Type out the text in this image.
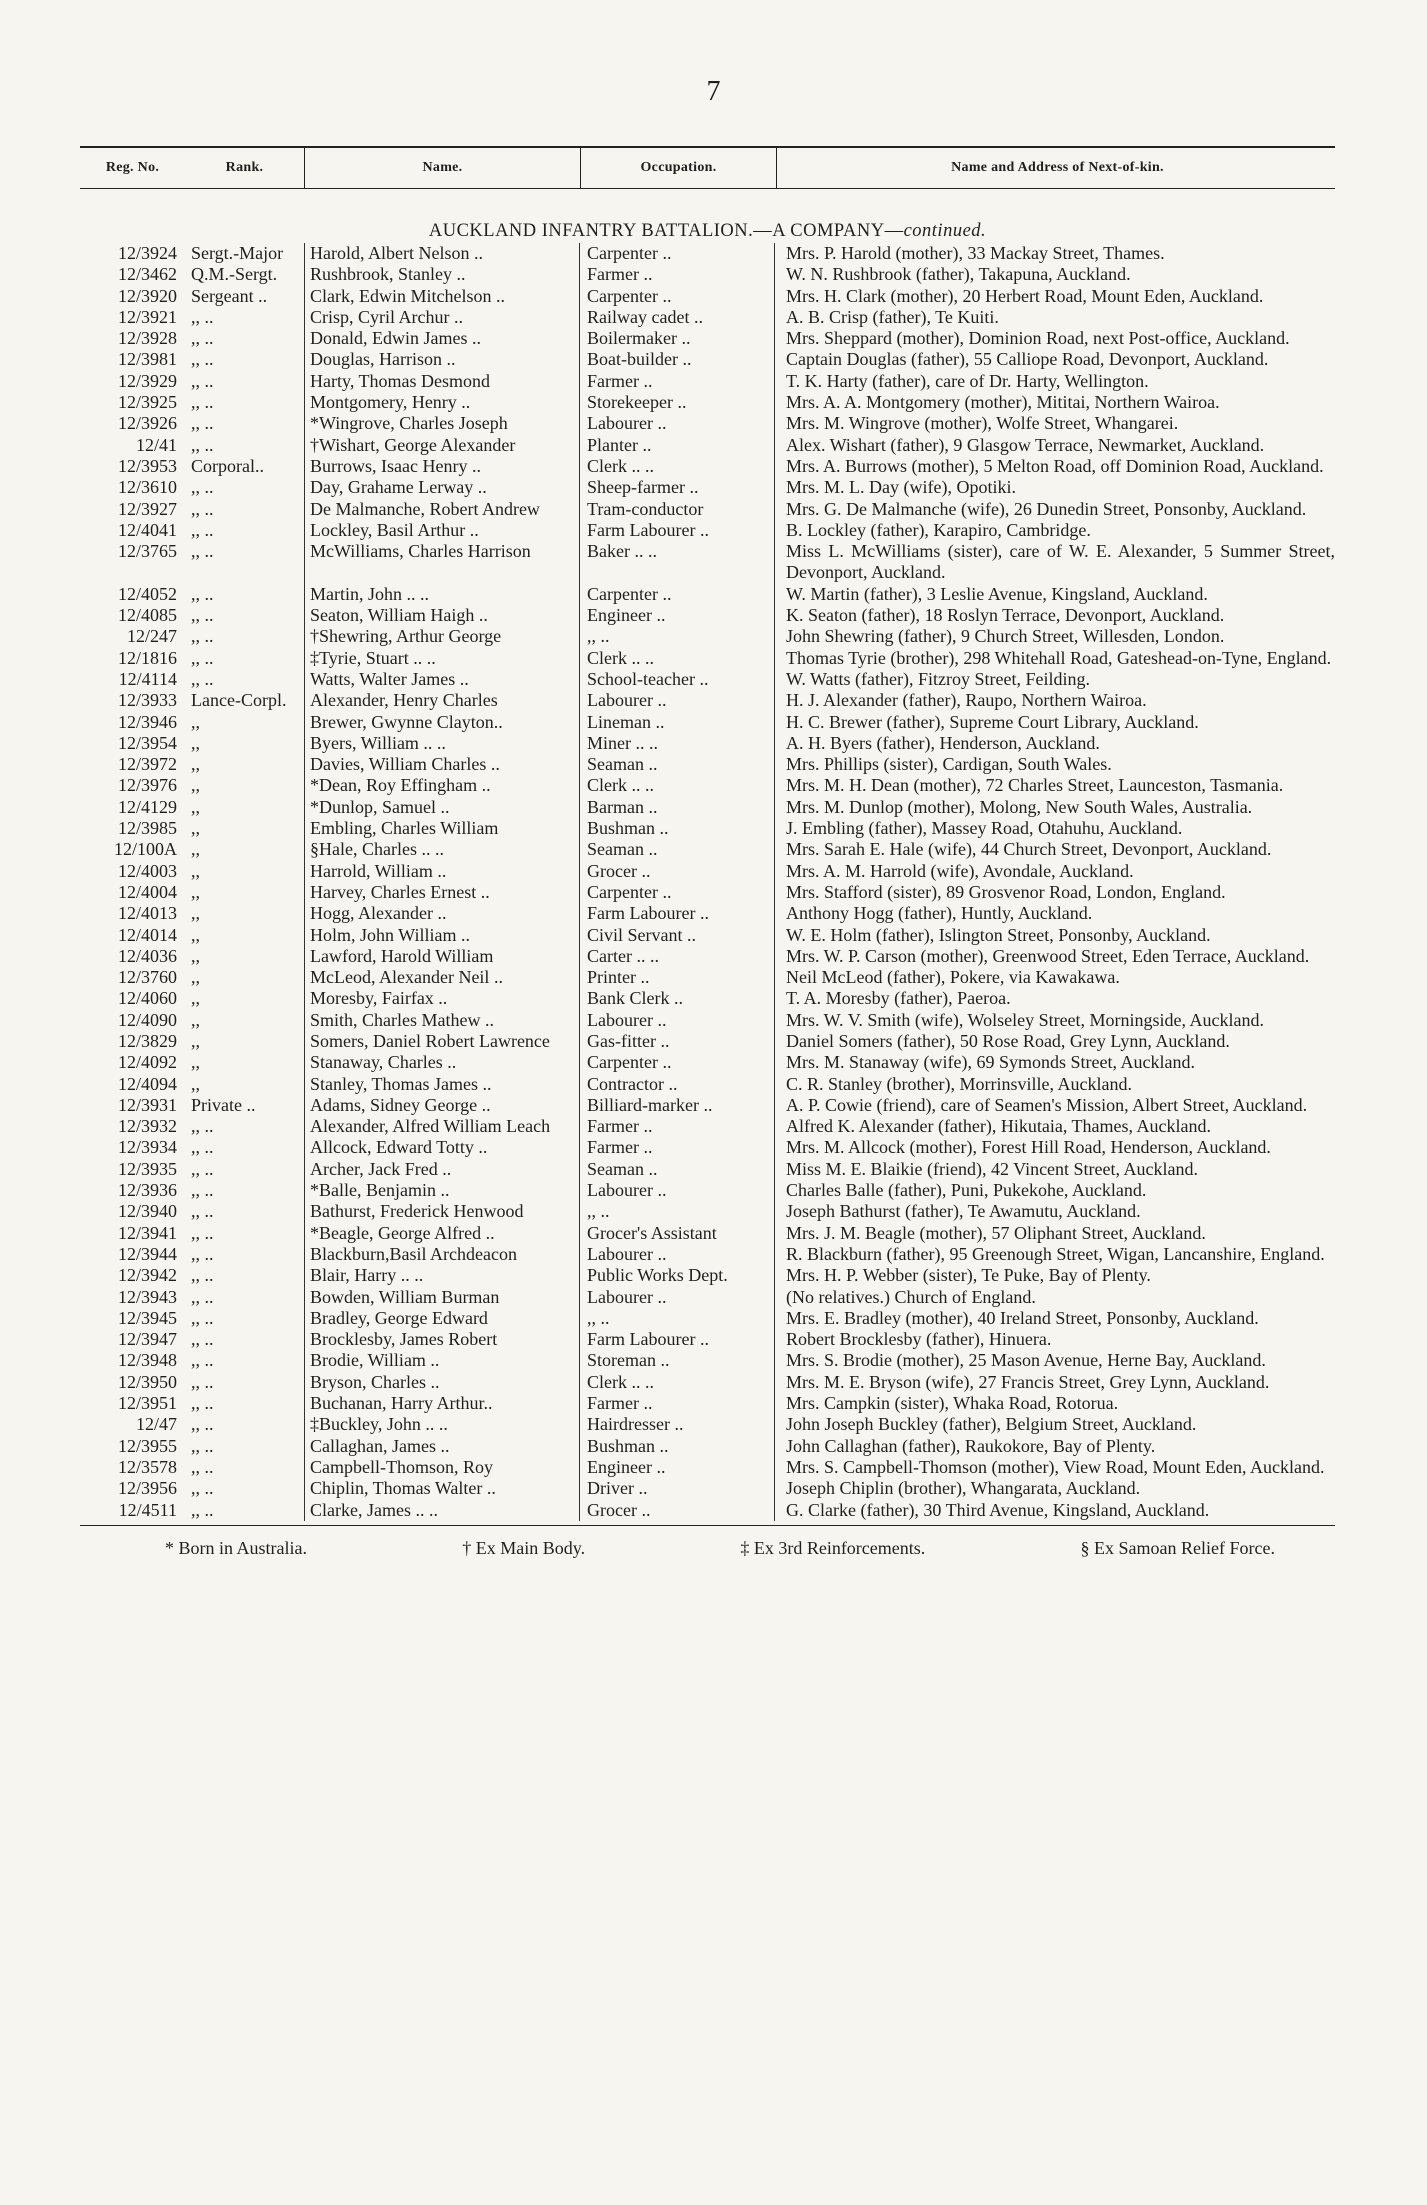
7
Reg. No.	Rank.	Name.	Occupation.	Name and Address of Next-of-kin.
AUCKLAND INFANTRY BATTALION.—A COMPANY—continued.
12/3924 Sergt.-Major	Harold, Albert Nelson ..	Carpenter ..	Mrs. P. Harold (mother), 33 Mackay Street, Thames.
12/3462 Q.M.-Sergt.	Rushbrook, Stanley ..	Farmer ..	W. N. Rushbrook (father), Takapuna, Auckland.
12/3920 Sergeant ..	Clark, Edwin Mitchelson ..	Carpenter ..	Mrs. H. Clark (mother), 20 Herbert Road, Mount Eden, Auckland.
12/3921 ,, ..	Crisp, Cyril Archur ..	Railway cadet ..	A. B. Crisp (father), Te Kuiti.
12/3928 ,, ..	Donald, Edwin James ..	Boilermaker ..	Mrs. Sheppard (mother), Dominion Road, next Post-office, Auckland.
12/3981 ,, ..	Douglas, Harrison ..	Boat-builder ..	Captain Douglas (father), 55 Calliope Road, Devonport, Auckland.
12/3929 ,, ..	Harty, Thomas Desmond	Farmer ..	T. K. Harty (father), care of Dr. Harty, Wellington.
12/3925 ,, ..	Montgomery, Henry ..	Storekeeper ..	Mrs. A. A. Montgomery (mother), Mititai, Northern Wairoa.
12/3926 ,, ..	*Wingrove, Charles Joseph	Labourer ..	Mrs. M. Wingrove (mother), Wolfe Street, Whangarei.
12/41 ,, ..	†Wishart, George Alexander	Planter ..	Alex. Wishart (father), 9 Glasgow Terrace, Newmarket, Auckland.
12/3953 Corporal..	Burrows, Isaac Henry ..	Clerk .. ..	Mrs. A. Burrows (mother), 5 Melton Road, off Dominion Road, Auckland.
12/3610 ,, ..	Day, Grahame Lerway ..	Sheep-farmer ..	Mrs. M. L. Day (wife), Opotiki.
12/3927 ,, ..	De Malmanche, Robert Andrew	Tram-conductor	Mrs. G. De Malmanche (wife), 26 Dunedin Street, Ponsonby, Auckland.
12/4041 ,, ..	Lockley, Basil Arthur ..	Farm Labourer ..	B. Lockley (father), Karapiro, Cambridge.
12/3765 ,, ..	McWilliams, Charles Harrison	Baker .. ..	Miss L. McWilliams (sister), care of W. E. Alexander, 5 Summer Street, Devonport, Auckland.
12/4052 ,, ..	Martin, John .. ..	Carpenter ..	W. Martin (father), 3 Leslie Avenue, Kingsland, Auckland.
12/4085 ,, ..	Seaton, William Haigh ..	Engineer ..	K. Seaton (father), 18 Roslyn Terrace, Devonport, Auckland.
12/247 ,, ..	†Shewring, Arthur George	,, ..	John Shewring (father), 9 Church Street, Willesden, London.
12/1816 ,, ..	‡Tyrie, Stuart .. ..	Clerk .. ..	Thomas Tyrie (brother), 298 Whitehall Road, Gateshead-on-Tyne, England.
12/4114 ,, ..	Watts, Walter James ..	School-teacher ..	W. Watts (father), Fitzroy Street, Feilding.
12/3933 Lance-Corpl.	Alexander, Henry Charles	Labourer ..	H. J. Alexander (father), Raupo, Northern Wairoa.
12/3946 ,,	Brewer, Gwynne Clayton..	Lineman ..	H. C. Brewer (father), Supreme Court Library, Auckland.
12/3954 ,,	Byers, William .. ..	Miner .. ..	A. H. Byers (father), Henderson, Auckland.
12/3972 ,,	Davies, William Charles ..	Seaman ..	Mrs. Phillips (sister), Cardigan, South Wales.
12/3976 ,,	*Dean, Roy Effingham ..	Clerk .. ..	Mrs. M. H. Dean (mother), 72 Charles Street, Launceston, Tasmania.
12/4129 ,,	*Dunlop, Samuel ..	Barman ..	Mrs. M. Dunlop (mother), Molong, New South Wales, Australia.
12/3985 ,,	Embling, Charles William	Bushman ..	J. Embling (father), Massey Road, Otahuhu, Auckland.
12/100A ,,	§Hale, Charles .. ..	Seaman ..	Mrs. Sarah E. Hale (wife), 44 Church Street, Devonport, Auckland.
12/4003 ,,	Harrold, William ..	Grocer ..	Mrs. A. M. Harrold (wife), Avondale, Auckland.
12/4004 ,,	Harvey, Charles Ernest ..	Carpenter ..	Mrs. Stafford (sister), 89 Grosvenor Road, London, England.
12/4013 ,,	Hogg, Alexander ..	Farm Labourer ..	Anthony Hogg (father), Huntly, Auckland.
12/4014 ,,	Holm, John William ..	Civil Servant ..	W. E. Holm (father), Islington Street, Ponsonby, Auckland.
12/4036 ,,	Lawford, Harold William	Carter .. ..	Mrs. W. P. Carson (mother), Greenwood Street, Eden Terrace, Auckland.
12/3760 ,,	McLeod, Alexander Neil ..	Printer ..	Neil McLeod (father), Pokere, via Kawakawa.
12/4060 ,,	Moresby, Fairfax ..	Bank Clerk ..	T. A. Moresby (father), Paeroa.
12/4090 ,,	Smith, Charles Mathew ..	Labourer ..	Mrs. W. V. Smith (wife), Wolseley Street, Morningside, Auckland.
12/3829 ,,	Somers, Daniel Robert Lawrence	Gas-fitter ..	Daniel Somers (father), 50 Rose Road, Grey Lynn, Auckland.
12/4092 ,,	Stanaway, Charles ..	Carpenter ..	Mrs. M. Stanaway (wife), 69 Symonds Street, Auckland.
12/4094 ,,	Stanley, Thomas James ..	Contractor ..	C. R. Stanley (brother), Morrinsville, Auckland.
12/3931 Private ..	Adams, Sidney George ..	Billiard-marker ..	A. P. Cowie (friend), care of Seamen's Mission, Albert Street, Auckland.
12/3932 ,, ..	Alexander, Alfred William Leach	Farmer ..	Alfred K. Alexander (father), Hikutaia, Thames, Auckland.
12/3934 ,, ..	Allcock, Edward Totty ..	Farmer ..	Mrs. M. Allcock (mother), Forest Hill Road, Henderson, Auckland.
12/3935 ,, ..	Archer, Jack Fred ..	Seaman ..	Miss M. E. Blaikie (friend), 42 Vincent Street, Auckland.
12/3936 ,, ..	*Balle, Benjamin ..	Labourer ..	Charles Balle (father), Puni, Pukekohe, Auckland.
12/3940 ,, ..	Bathurst, Frederick Henwood	,, ..	Joseph Bathurst (father), Te Awamutu, Auckland.
12/3941 ,, ..	*Beagle, George Alfred ..	Grocer's Assistant	Mrs. J. M. Beagle (mother), 57 Oliphant Street, Auckland.
12/3944 ,, ..	Blackburn,Basil Archdeacon	Labourer ..	R. Blackburn (father), 95 Greenough Street, Wigan, Lancanshire, England.
12/3942 ,, ..	Blair, Harry .. ..	Public Works Dept.	Mrs. H. P. Webber (sister), Te Puke, Bay of Plenty.
12/3943 ,, ..	Bowden, William Burman	Labourer ..	(No relatives.) Church of England.
12/3945 ,, ..	Bradley, George Edward	,, ..	Mrs. E. Bradley (mother), 40 Ireland Street, Ponsonby, Auckland.
12/3947 ,, ..	Brocklesby, James Robert	Farm Labourer ..	Robert Brocklesby (father), Hinuera.
12/3948 ,, ..	Brodie, William ..	Storeman ..	Mrs. S. Brodie (mother), 25 Mason Avenue, Herne Bay, Auckland.
12/3950 ,, ..	Bryson, Charles ..	Clerk .. ..	Mrs. M. E. Bryson (wife), 27 Francis Street, Grey Lynn, Auckland.
12/3951 ,, ..	Buchanan, Harry Arthur..	Farmer ..	Mrs. Campkin (sister), Whaka Road, Rotorua.
12/47 ,, ..	‡Buckley, John .. ..	Hairdresser ..	John Joseph Buckley (father), Belgium Street, Auckland.
12/3955 ,, ..	Callaghan, James ..	Bushman ..	John Callaghan (father), Raukokore, Bay of Plenty.
12/3578 ,, ..	Campbell-Thomson, Roy	Engineer ..	Mrs. S. Campbell-Thomson (mother), View Road, Mount Eden, Auckland.
12/3956 ,, ..	Chiplin, Thomas Walter ..	Driver ..	Joseph Chiplin (brother), Whangarata, Auckland.
12/4511 ,, ..	Clarke, James .. ..	Grocer ..	G. Clarke (father), 30 Third Avenue, Kingsland, Auckland.
* Born in Australia.	† Ex Main Body.	‡ Ex 3rd Reinforcements.	§ Ex Samoan Relief Force.
